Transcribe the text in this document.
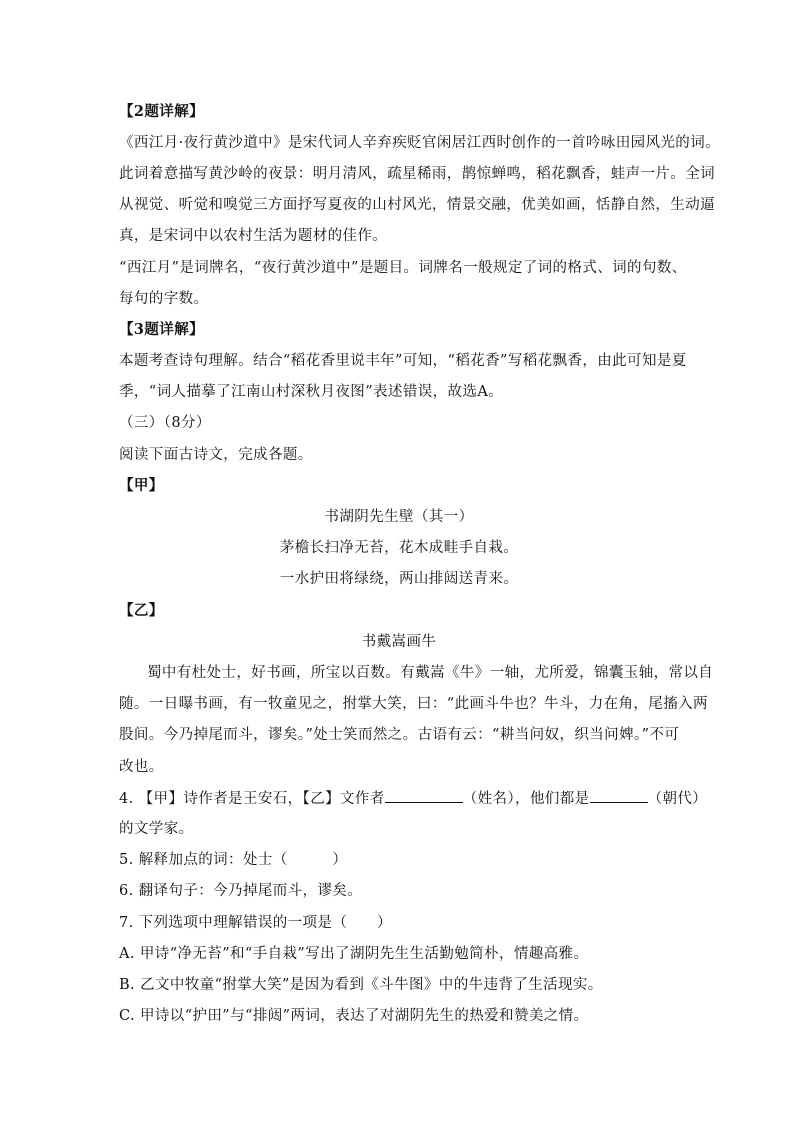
【2题详解】
《西江月·夜行黄沙道中》是宋代词人辛弃疾贬官闲居江西时创作的一首吟咏田园风光的词。
此词着意描写黄沙岭的夜景：明月清风，疏星稀雨，鹊惊蝉鸣，稻花飘香，蛙声一片。全词
从视觉、听觉和嗅觉三方面抒写夏夜的山村风光，情景交融，优美如画，恬静自然，生动逼
真，是宋词中以农村生活为题材的佳作。
“西江月”是词牌名，“夜行黄沙道中”是题目。词牌名一般规定了词的格式、词的句数、
每句的字数。
【3题详解】
本题考查诗句理解。结合“稻花香里说丰年”可知，“稻花香”写稻花飘香，由此可知是夏
季，“词人描摹了江南山村深秋月夜图”表述错误，故选A。
（三）（8分）
阅读下面古诗文，完成各题。
【甲】
书湖阴先生壁（其一）
茅檐长扫净无苔，花木成畦手自栽。
一水护田将绿绕，两山排闼送青来。
【乙】
书戴嵩画牛
蜀中有杜处士，好书画，所宝以百数。有戴嵩《牛》一轴，尤所爱，锦囊玉轴，常以自
随。一日曝书画，有一牧童见之，拊掌大笑，曰：“此画斗牛也？牛斗，力在角，尾搐入两
股间。今乃掉尾而斗，谬矣。”处士笑而然之。古语有云：“耕当问奴，织当问婢。”不可
改也。
4. 【甲】诗作者是王安石，【乙】文作者	（姓名），他们都是	（朝代）
的文学家。
5. 解释加点的词：处士（　　　）
6. 翻译句子：今乃掉尾而斗，谬矣。
7. 下列选项中理解错误的一项是（　　）
A. 甲诗“净无苔”和“手自栽”写出了湖阴先生生活勤勉简朴，情趣高雅。
B. 乙文中牧童“拊掌大笑”是因为看到《斗牛图》中的牛违背了生活现实。
C. 甲诗以“护田”与“排闼”两词，表达了对湖阴先生的热爱和赞美之情。
